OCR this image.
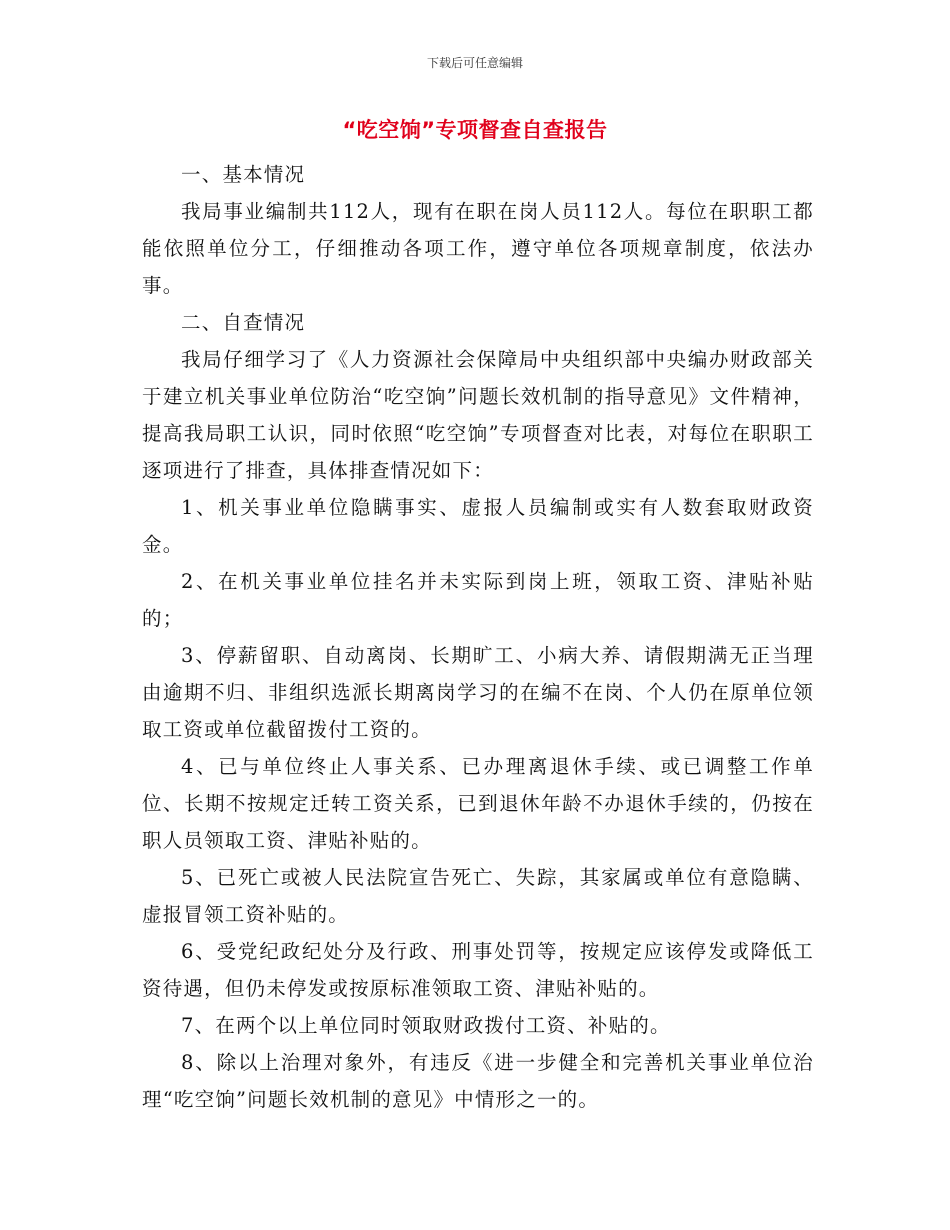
下载后可任意编辑
“吃空饷”专项督查自查报告

一、基本情况

我局事业编制共112人，现有在职在岗人员112人。每位在职职工都能依照单位分工，仔细推动各项工作，遵守单位各项规章制度，依法办事。

二、自查情况

我局仔细学习了《人力资源社会保障局中央组织部中央编办财政部关于建立机关事业单位防治“吃空饷”问题长效机制的指导意见》文件精神，提高我局职工认识，同时依照“吃空饷”专项督查对比表，对每位在职职工逐项进行了排查，具体排查情况如下：

1、机关事业单位隐瞒事实、虚报人员编制或实有人数套取财政资金。

2、在机关事业单位挂名并未实际到岗上班，领取工资、津贴补贴的；

3、停薪留职、自动离岗、长期旷工、小病大养、请假期满无正当理由逾期不归、非组织选派长期离岗学习的在编不在岗、个人仍在原单位领取工资或单位截留拨付工资的。

4、已与单位终止人事关系、已办理离退休手续、或已调整工作单位、长期不按规定迁转工资关系，已到退休年龄不办退休手续的，仍按在职人员领取工资、津贴补贴的。

5、已死亡或被人民法院宣告死亡、失踪，其家属或单位有意隐瞒、虚报冒领工资补贴的。

6、受党纪政纪处分及行政、刑事处罚等，按规定应该停发或降低工资待遇，但仍未停发或按原标准领取工资、津贴补贴的。

7、在两个以上单位同时领取财政拨付工资、补贴的。

8、除以上治理对象外，有违反《进一步健全和完善机关事业单位治理“吃空饷”问题长效机制的意见》中情形之一的。
